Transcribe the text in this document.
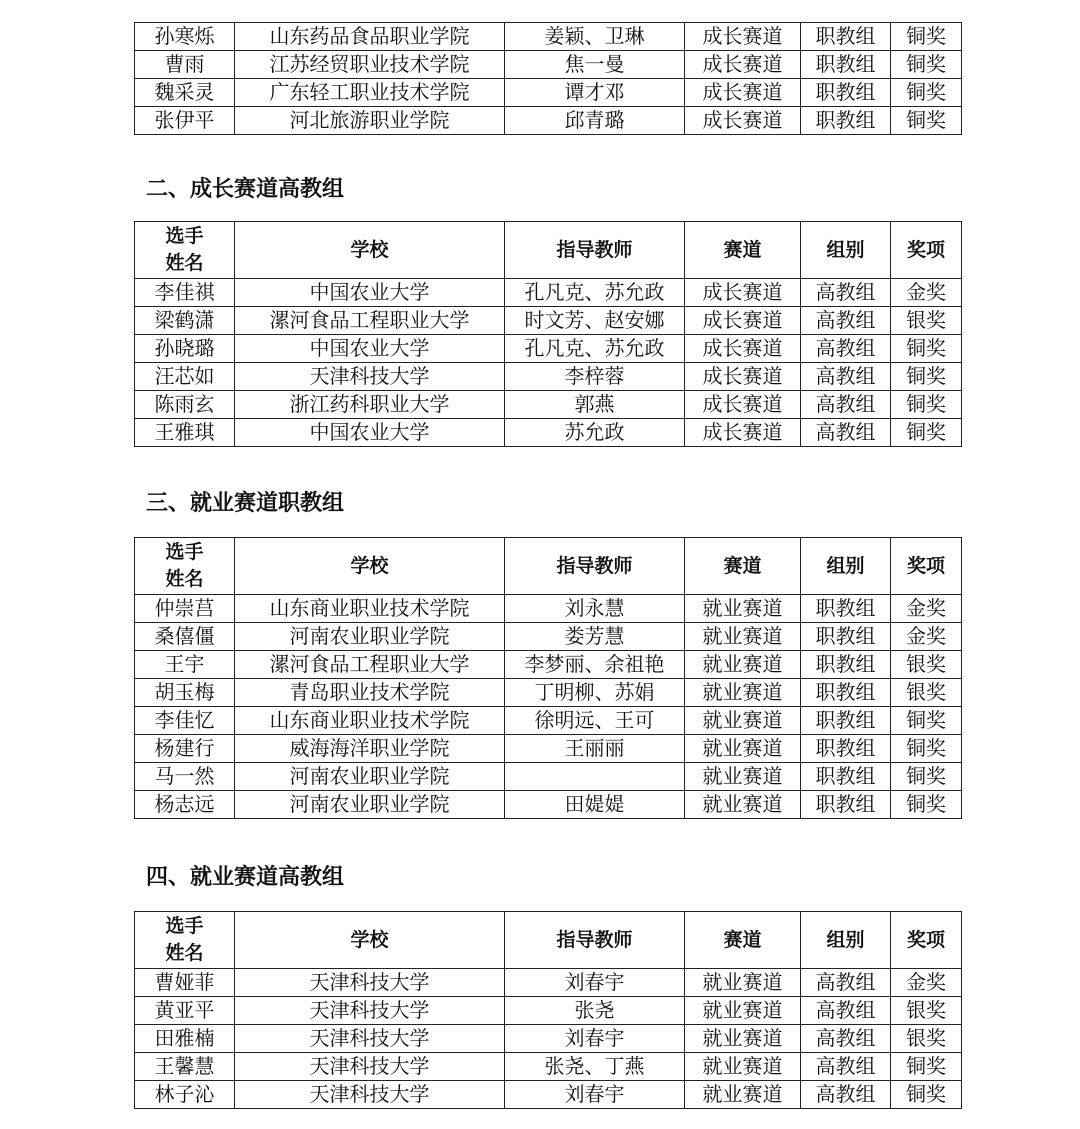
孙寒烁	山东药品食品职业学院	姜颖、卫琳	成长赛道	职教组	铜奖
曹雨	江苏经贸职业技术学院	焦一曼	成长赛道	职教组	铜奖
魏采灵	广东轻工职业技术学院	谭才邓	成长赛道	职教组	铜奖
张伊平	河北旅游职业学院	邱青璐	成长赛道	职教组	铜奖
二、成长赛道高教组
选手
姓名	学校	指导教师	赛道	组别	奖项
李佳祺	中国农业大学	孔凡克、苏允政	成长赛道	高教组	金奖
梁鹤潇	漯河食品工程职业大学	时文芳、赵安娜	成长赛道	高教组	银奖
孙晓璐	中国农业大学	孔凡克、苏允政	成长赛道	高教组	铜奖
汪芯如	天津科技大学	李梓蓉	成长赛道	高教组	铜奖
陈雨玄	浙江药科职业大学	郭燕	成长赛道	高教组	铜奖
王雅琪	中国农业大学	苏允政	成长赛道	高教组	铜奖
三、就业赛道职教组
选手
姓名	学校	指导教师	赛道	组别	奖项
仲崇莒	山东商业职业技术学院	刘永慧	就业赛道	职教组	金奖
桑僖僵	河南农业职业学院	娄芳慧	就业赛道	职教组	金奖
王宇	漯河食品工程职业大学	李梦丽、余祖艳	就业赛道	职教组	银奖
胡玉梅	青岛职业技术学院	丁明柳、苏娟	就业赛道	职教组	银奖
李佳忆	山东商业职业技术学院	徐明远、王可	就业赛道	职教组	铜奖
杨建行	威海海洋职业学院	王丽丽	就业赛道	职教组	铜奖
马一然	河南农业职业学院		就业赛道	职教组	铜奖
杨志远	河南农业职业学院	田媞媞	就业赛道	职教组	铜奖
四、就业赛道高教组
选手
姓名	学校	指导教师	赛道	组别	奖项
曹娅菲	天津科技大学	刘春宇	就业赛道	高教组	金奖
黄亚平	天津科技大学	张尧	就业赛道	高教组	银奖
田雅楠	天津科技大学	刘春宇	就业赛道	高教组	银奖
王馨慧	天津科技大学	张尧、丁燕	就业赛道	高教组	铜奖
林子沁	天津科技大学	刘春宇	就业赛道	高教组	铜奖
